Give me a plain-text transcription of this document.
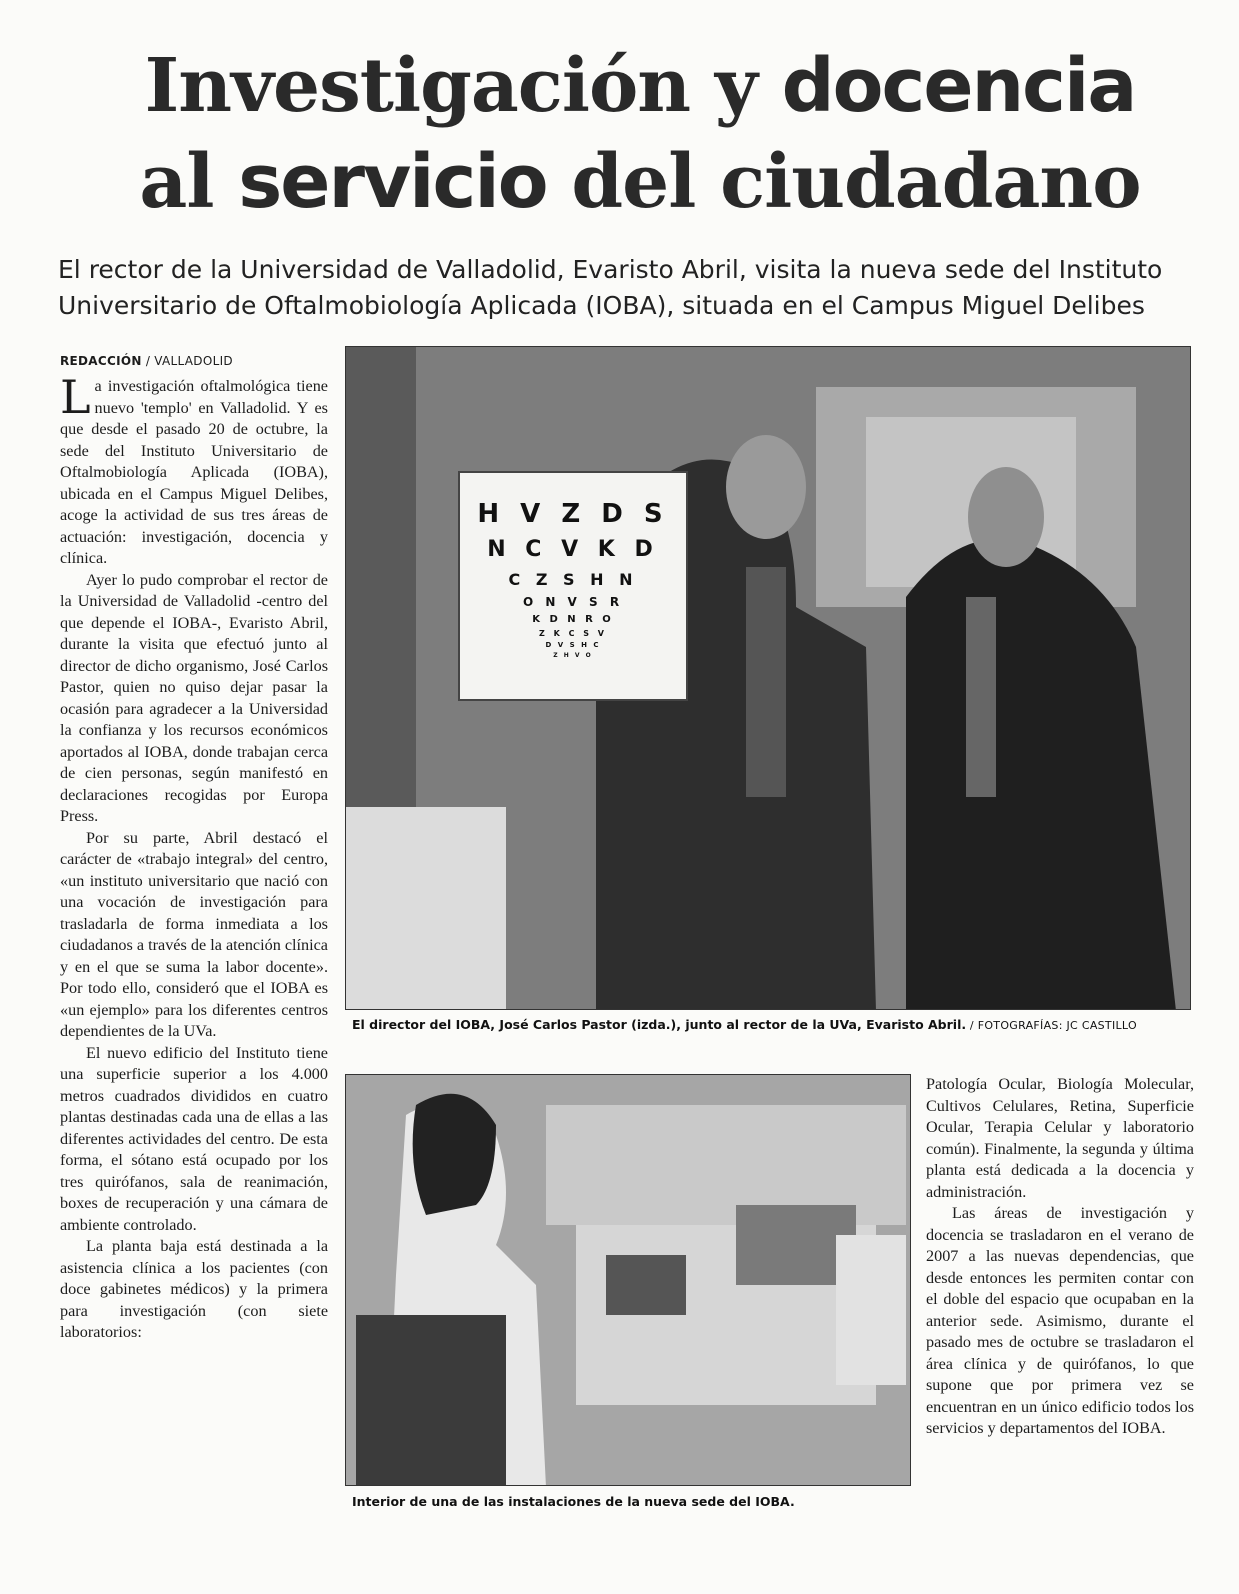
Investigación y docencia
al servicio del ciudadano
El rector de la Universidad de Valladolid, Evaristo Abril, visita la nueva sede del Instituto Universitario de Oftalmobiología Aplicada (IOBA), situada en el Campus Miguel Delibes
REDACCIÓN / VALLADOLID

La investigación oftalmológica tiene nuevo 'templo' en Valladolid. Y es que desde el pasado 20 de octubre, la sede del Instituto Universitario de Oftalmobiología Aplicada (IOBA), ubicada en el Campus Miguel Delibes, acoge la actividad de sus tres áreas de actuación: investigación, docencia y clínica.

Ayer lo pudo comprobar el rector de la Universidad de Valladolid -centro del que depende el IOBA-, Evaristo Abril, durante la visita que efectuó junto al director de dicho organismo, José Carlos Pastor, quien no quiso dejar pasar la ocasión para agradecer a la Universidad la confianza y los recursos económicos aportados al IOBA, donde trabajan cerca de cien personas, según manifestó en declaraciones recogidas por Europa Press.

Por su parte, Abril destacó el carácter de «trabajo integral» del centro, «un instituto universitario que nació con una vocación de investigación para trasladarla de forma inmediata a los ciudadanos a través de la atención clínica y en el que se suma la labor docente». Por todo ello, consideró que el IOBA es «un ejemplo» para los diferentes centros dependientes de la UVa.

El nuevo edificio del Instituto tiene una superficie superior a los 4.000 metros cuadrados divididos en cuatro plantas destinadas cada una de ellas a las diferentes actividades del centro. De esta forma, el sótano está ocupado por los tres quirófanos, sala de reanimación, boxes de recuperación y una cámara de ambiente controlado.

La planta baja está destinada a la asistencia clínica a los pacientes (con doce gabinetes médicos) y la primera para investigación (con siete laboratorios:

H V Z D S
N C V K D
C Z S H N
O N V S R
K D N R O
Z K C S V
D V S H C
Z H V O
El director del IOBA, José Carlos Pastor (izda.), junto al rector de la UVa, Evaristo Abril. / FOTOGRAFÍAS: JC CASTILLO
Interior de una de las instalaciones de la nueva sede del IOBA.

Patología Ocular, Biología Molecular, Cultivos Celulares, Retina, Superficie Ocular, Terapia Celular y laboratorio común). Finalmente, la segunda y última planta está dedicada a la docencia y administración.

Las áreas de investigación y docencia se trasladaron en el verano de 2007 a las nuevas dependencias, que desde entonces les permiten contar con el doble del espacio que ocupaban en la anterior sede. Asimismo, durante el pasado mes de octubre se trasladaron el área clínica y de quirófanos, lo que supone que por primera vez se encuentran en un único edificio todos los servicios y departamentos del IOBA.
